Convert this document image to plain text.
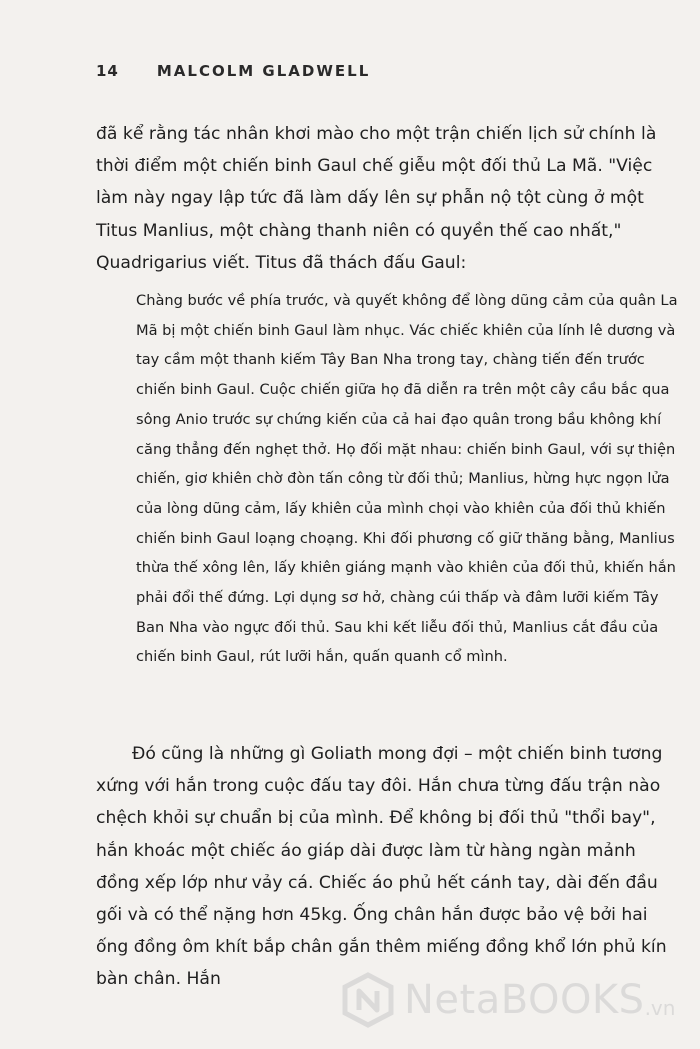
14	MALCOLM GLADWELL

đã kể rằng tác nhân khơi mào cho một trận chiến lịch sử chính là thời điểm một chiến binh Gaul chế giễu một đối thủ La Mã. "Việc làm này ngay lập tức đã làm dấy lên sự phẫn nộ tột cùng ở một Titus Manlius, một chàng thanh niên có quyền thế cao nhất," Quadrigarius viết. Titus đã thách đấu Gaul:

Chàng bước về phía trước, và quyết không để lòng dũng cảm của quân La Mã bị một chiến binh Gaul làm nhục. Vác chiếc khiên của lính lê dương và tay cầm một thanh kiếm Tây Ban Nha trong tay, chàng tiến đến trước chiến binh Gaul. Cuộc chiến giữa họ đã diễn ra trên một cây cầu bắc qua sông Anio trước sự chứng kiến của cả hai đạo quân trong bầu không khí căng thẳng đến nghẹt thở. Họ đối mặt nhau: chiến binh Gaul, với sự thiện chiến, giơ khiên chờ đòn tấn công từ đối thủ; Manlius, hừng hực ngọn lửa của lòng dũng cảm, lấy khiên của mình chọi vào khiên của đối thủ khiến chiến binh Gaul loạng choạng. Khi đối phương cố giữ thăng bằng, Manlius thừa thế xông lên, lấy khiên giáng mạnh vào khiên của đối thủ, khiến hắn phải đổi thế đứng. Lợi dụng sơ hở, chàng cúi thấp và đâm lưỡi kiếm Tây Ban Nha vào ngực đối thủ. Sau khi kết liễu đối thủ, Manlius cắt đầu của chiến binh Gaul, rút lưỡi hắn, quấn quanh cổ mình.

Đó cũng là những gì Goliath mong đợi – một chiến binh tương xứng với hắn trong cuộc đấu tay đôi. Hắn chưa từng đấu trận nào chệch khỏi sự chuẩn bị của mình. Để không bị đối thủ "thổi bay", hắn khoác một chiếc áo giáp dài được làm từ hàng ngàn mảnh đồng xếp lớp như vảy cá. Chiếc áo phủ hết cánh tay, dài đến đầu gối và có thể nặng hơn 45kg. Ống chân hắn được bảo vệ bởi hai ống đồng ôm khít bắp chân gắn thêm miếng đồng khổ lớn phủ kín bàn chân. Hắn	NetaBOOKS .vn
